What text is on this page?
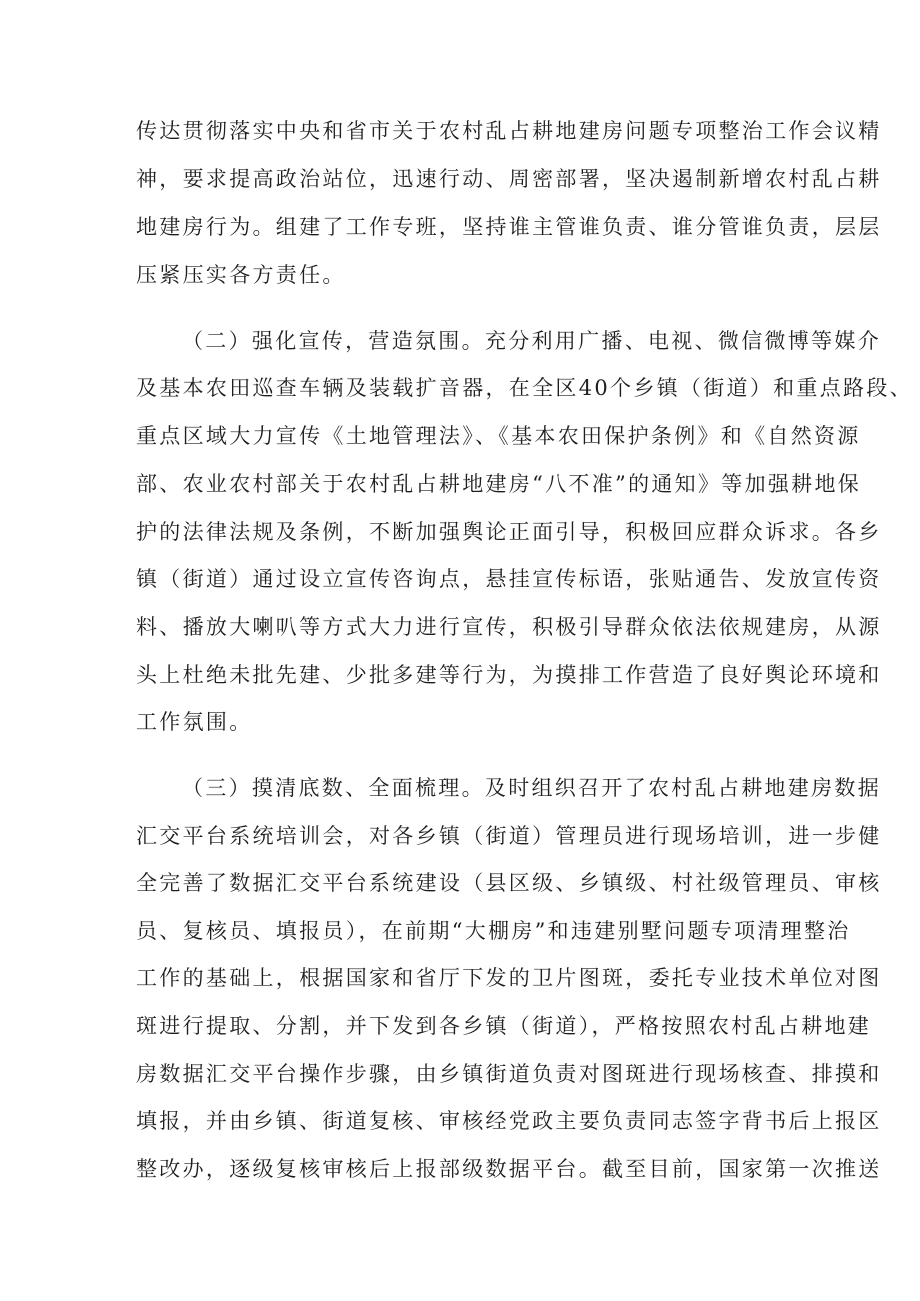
传达贯彻落实中央和省市关于农村乱占耕地建房问题专项整治工作会议精
神，要求提高政治站位，迅速行动、周密部署，坚决遏制新增农村乱占耕
地建房行为。组建了工作专班，坚持谁主管谁负责、谁分管谁负责，层层
压紧压实各方责任。
（二）强化宣传，营造氛围。充分利用广播、电视、微信微博等媒介
及基本农田巡查车辆及装载扩音器，在全区40个乡镇（街道）和重点路段、
重点区域大力宣传《土地管理法》、《基本农田保护条例》和《自然资源
部、农业农村部关于农村乱占耕地建房“八不准”的通知》等加强耕地保
护的法律法规及条例，不断加强舆论正面引导，积极回应群众诉求。各乡
镇（街道）通过设立宣传咨询点，悬挂宣传标语，张贴通告、发放宣传资
料、播放大喇叭等方式大力进行宣传，积极引导群众依法依规建房，从源
头上杜绝未批先建、少批多建等行为，为摸排工作营造了良好舆论环境和
工作氛围。
（三）摸清底数、全面梳理。及时组织召开了农村乱占耕地建房数据
汇交平台系统培训会，对各乡镇（街道）管理员进行现场培训，进一步健
全完善了数据汇交平台系统建设（县区级、乡镇级、村社级管理员、审核
员、复核员、填报员），在前期“大棚房”和违建别墅问题专项清理整治
工作的基础上，根据国家和省厅下发的卫片图斑，委托专业技术单位对图
斑进行提取、分割，并下发到各乡镇（街道），严格按照农村乱占耕地建
房数据汇交平台操作步骤，由乡镇街道负责对图斑进行现场核查、排摸和
填报，并由乡镇、街道复核、审核经党政主要负责同志签字背书后上报区
整改办，逐级复核审核后上报部级数据平台。截至目前，国家第一次推送
